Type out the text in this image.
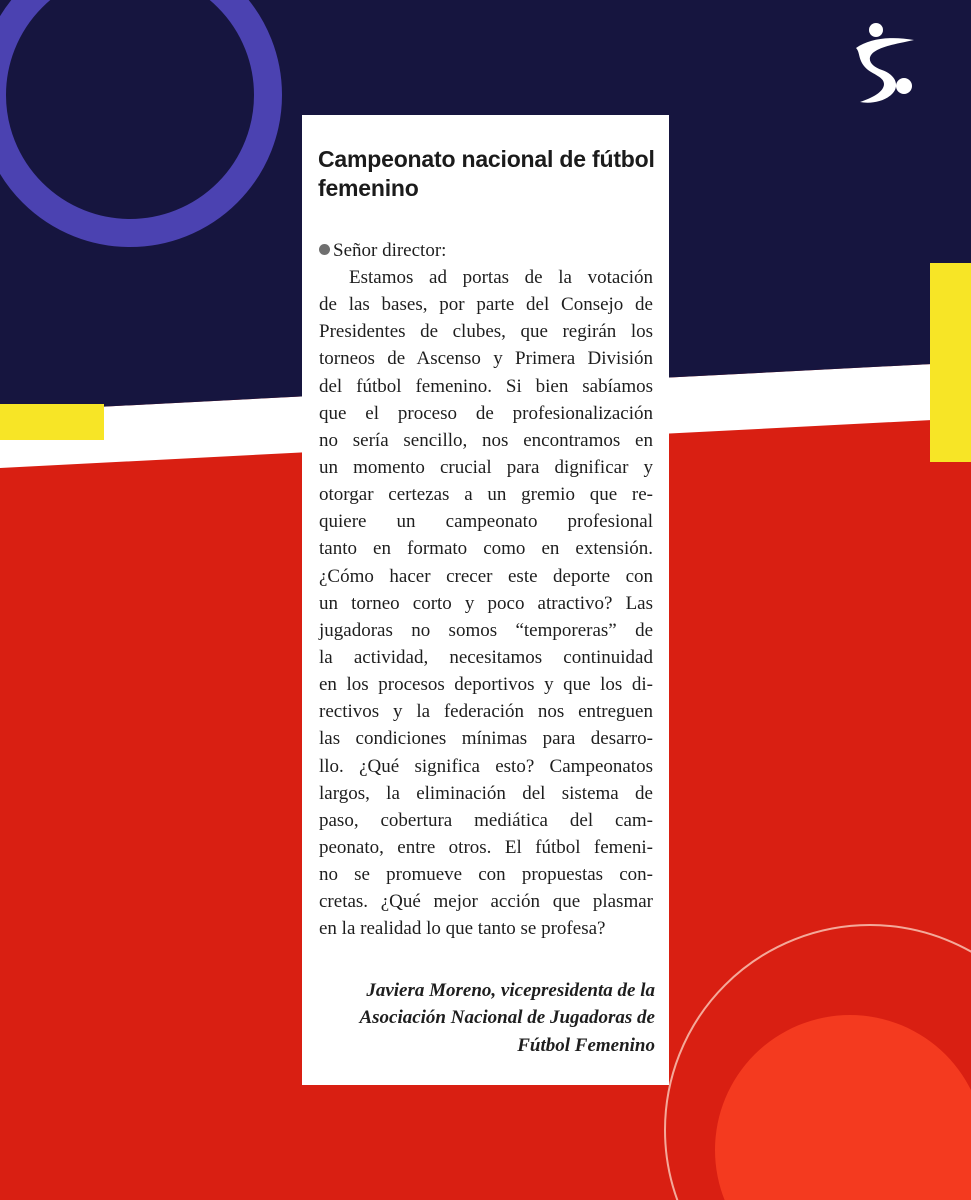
Campeonato nacional de fútbol femenino
Señor director:
Estamos ad portas de la votación
de las bases, por parte del Consejo de
Presidentes de clubes, que regirán los
torneos de Ascenso y Primera División
del fútbol femenino. Si bien sabíamos
que el proceso de profesionalización
no sería sencillo, nos encontramos en
un momento crucial para dignificar y
otorgar certezas a un gremio que re-
quiere un campeonato profesional
tanto en formato como en extensión.
¿Cómo hacer crecer este deporte con
un torneo corto y poco atractivo? Las
jugadoras no somos “temporeras” de
la actividad, necesitamos continuidad
en los procesos deportivos y que los di-
rectivos y la federación nos entreguen
las condiciones mínimas para desarro-
llo. ¿Qué significa esto? Campeonatos
largos, la eliminación del sistema de
paso, cobertura mediática del cam-
peonato, entre otros. El fútbol femeni-
no se promueve con propuestas con-
cretas. ¿Qué mejor acción que plasmar
en la realidad lo que tanto se profesa?
Javiera Moreno, vicepresidenta de la
Asociación Nacional de Jugadoras de
Fútbol Femenino
